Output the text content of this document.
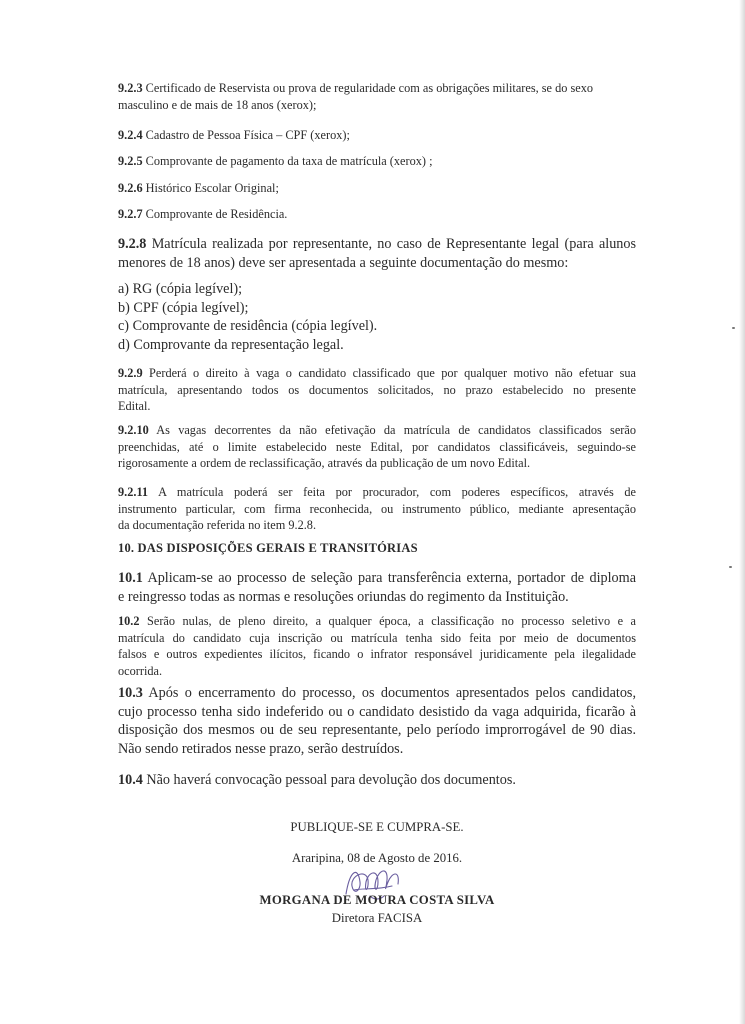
9.2.3 Certificado de Reservista ou prova de regularidade com as obrigações militares, se do sexo
masculino e de mais de 18 anos (xerox);

9.2.4 Cadastro de Pessoa Física – CPF (xerox);

9.2.5 Comprovante de pagamento da taxa de matrícula (xerox) ;

9.2.6 Histórico Escolar Original;

9.2.7 Comprovante de Residência.

9.2.8 Matrícula realizada por representante, no caso de Representante legal (para alunos
menores de 18 anos) deve ser apresentada a seguinte documentação do mesmo:

a) RG (cópia legível);
b) CPF (cópia legível);
c) Comprovante de residência (cópia legível).
d) Comprovante da representação legal.

9.2.9 Perderá o direito à vaga o candidato classificado que por qualquer motivo não efetuar sua
matrícula, apresentando todos os documentos solicitados, no prazo estabelecido no presente
Edital.

9.2.10 As vagas decorrentes da não efetivação da matrícula de candidatos classificados serão
preenchidas, até o limite estabelecido neste Edital, por candidatos classificáveis, seguindo-se
rigorosamente a ordem de reclassificação, através da publicação de um novo Edital.

9.2.11 A matrícula poderá ser feita por procurador, com poderes específicos, através de
instrumento particular, com firma reconhecida, ou instrumento público, mediante apresentação
da documentação referida no item 9.2.8.

10. DAS DISPOSIÇÕES GERAIS E TRANSITÓRIAS

10.1 Aplicam-se ao processo de seleção para transferência externa, portador de diploma
e reingresso todas as normas e resoluções oriundas do regimento da Instituição.

10.2 Serão nulas, de pleno direito, a qualquer época, a classificação no processo seletivo e a
matrícula do candidato cuja inscrição ou matrícula tenha sido feita por meio de documentos
falsos e outros expedientes ilícitos, ficando o infrator responsável juridicamente pela ilegalidade
ocorrida.

10.3 Após o encerramento do processo, os documentos apresentados pelos candidatos,
cujo processo tenha sido indeferido ou o candidato desistido da vaga adquirida, ficarão à
disposição dos mesmos ou de seu representante, pelo período improrrogável de 90 dias.
Não sendo retirados nesse prazo, serão destruídos.

10.4 Não haverá convocação pessoal para devolução dos documentos.

PUBLIQUE-SE E CUMPRA-SE.
Araripina, 08 de Agosto de 2016.
MORGANA DE MOURA COSTA SILVA
Diretora FACISA
